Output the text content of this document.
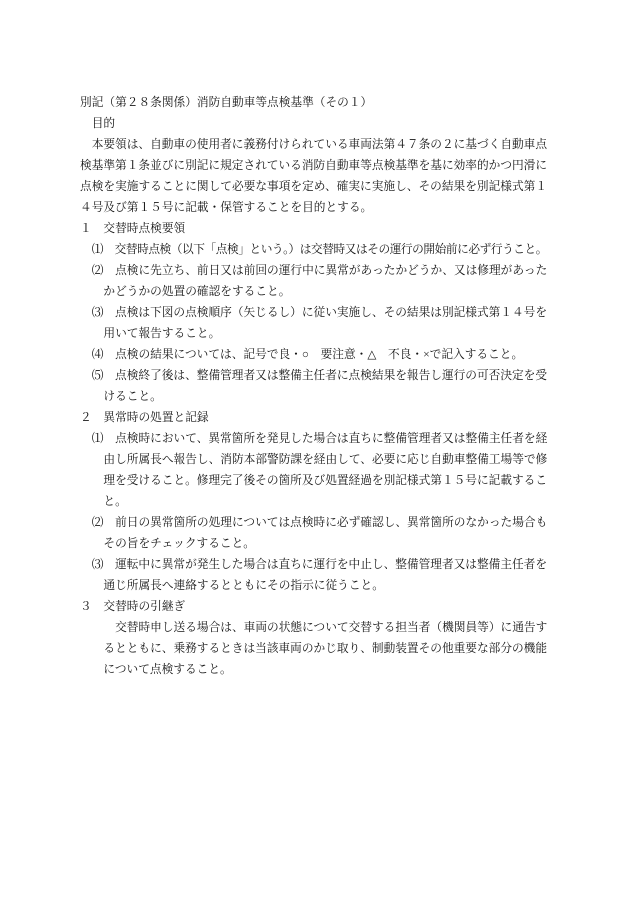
別記（第２８条関係）消防自動車等点検基準（その１）
目的
本要領は、自動車の使用者に義務付けられている車両法第４７条の２に基づく自動車点
検基準第１条並びに別記に規定されている消防自動車等点検基準を基に効率的かつ円滑に
点検を実施することに関して必要な事項を定め、確実に実施し、その結果を別記様式第１
４号及び第１５号に記載・保管することを目的とする。
１ 交替時点検要領
⑴ 交替時点検（以下「点検」という。）は交替時又はその運行の開始前に必ず行うこと。
⑵ 点検に先立ち、前日又は前回の運行中に異常があったかどうか、又は修理があった
かどうかの処置の確認をすること。
⑶ 点検は下図の点検順序（矢じるし）に従い実施し、その結果は別記様式第１４号を
用いて報告すること。
⑷ 点検の結果については、記号で良・○　要注意・△　不良・×で記入すること。
⑸ 点検終了後は、整備管理者又は整備主任者に点検結果を報告し運行の可否決定を受
けること。
２ 異常時の処置と記録
⑴ 点検時において、異常箇所を発見した場合は直ちに整備管理者又は整備主任者を経
由し所属長へ報告し、消防本部警防課を経由して、必要に応じ自動車整備工場等で修
理を受けること。修理完了後その箇所及び処置経過を別記様式第１５号に記載するこ
と。
⑵ 前日の異常箇所の処理については点検時に必ず確認し、異常箇所のなかった場合も
その旨をチェックすること。
⑶ 運転中に異常が発生した場合は直ちに運行を中止し、整備管理者又は整備主任者を
通じ所属長へ連絡するとともにその指示に従うこと。
３ 交替時の引継ぎ
交替時申し送る場合は、車両の状態について交替する担当者（機関員等）に通告す
るとともに、乗務するときは当該車両のかじ取り、制動装置その他重要な部分の機能
について点検すること。
